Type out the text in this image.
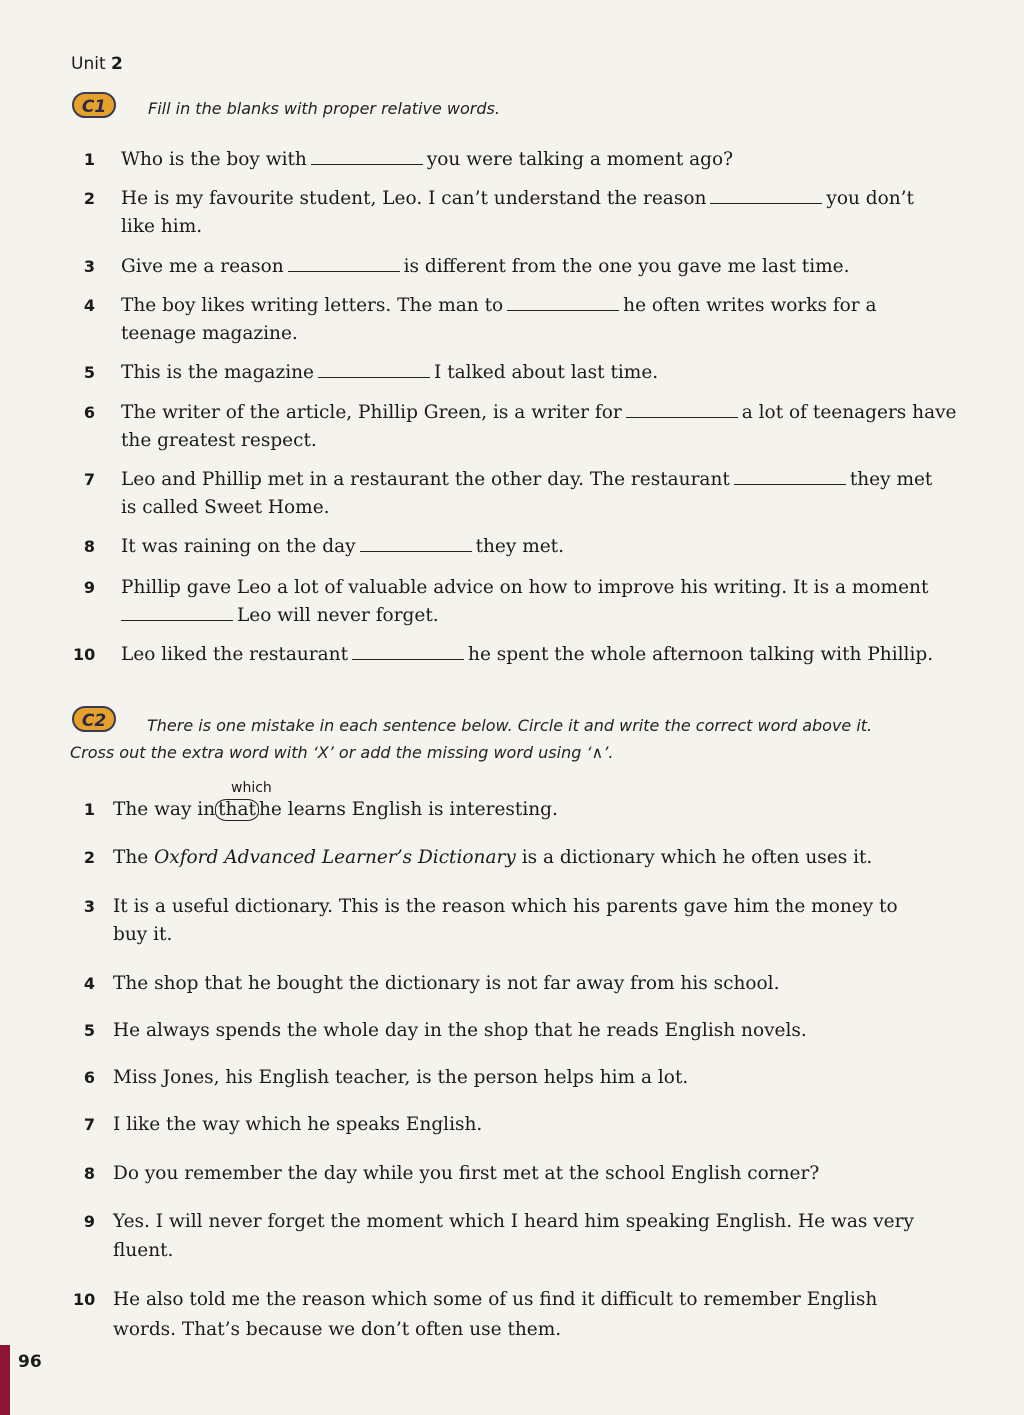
Unit 2
C1	Fill in the blanks with proper relative words.
1 Who is the boy with	you were talking a moment ago?
2 He is my favourite student, Leo. I can’t understand the reason	you don’t
like him.
3 Give me a reason	is different from the one you gave me last time.
4 The boy likes writing letters. The man to	he often writes works for a
teenage magazine.
5 This is the magazine	I talked about last time.
6 The writer of the article, Phillip Green, is a writer for	a lot of teenagers have
the greatest respect.
7 Leo and Phillip met in a restaurant the other day. The restaurant	they met
is called Sweet Home.
8 It was raining on the day	they met.
9 Phillip gave Leo a lot of valuable advice on how to improve his writing. It is a moment
Leo will never forget.
10 Leo liked the restaurant	he spent the whole afternoon talking with Phillip.
C2	There is one mistake in each sentence below. Circle it and write the correct word above it.
Cross out the extra word with ‘X’ or add the missing word using ‘∧’.
which
1 The way in that he learns English is interesting.
2 The Oxford Advanced Learner’s Dictionary is a dictionary which he often uses it.
3 It is a useful dictionary. This is the reason which his parents gave him the money to
buy it.
4 The shop that he bought the dictionary is not far away from his school.
5 He always spends the whole day in the shop that he reads English novels.
6 Miss Jones, his English teacher, is the person helps him a lot.
7 I like the way which he speaks English.
8 Do you remember the day while you first met at the school English corner?
9 Yes. I will never forget the moment which I heard him speaking English. He was very
fluent.
10 He also told me the reason which some of us find it difficult to remember English
words. That’s because we don’t often use them.
96
